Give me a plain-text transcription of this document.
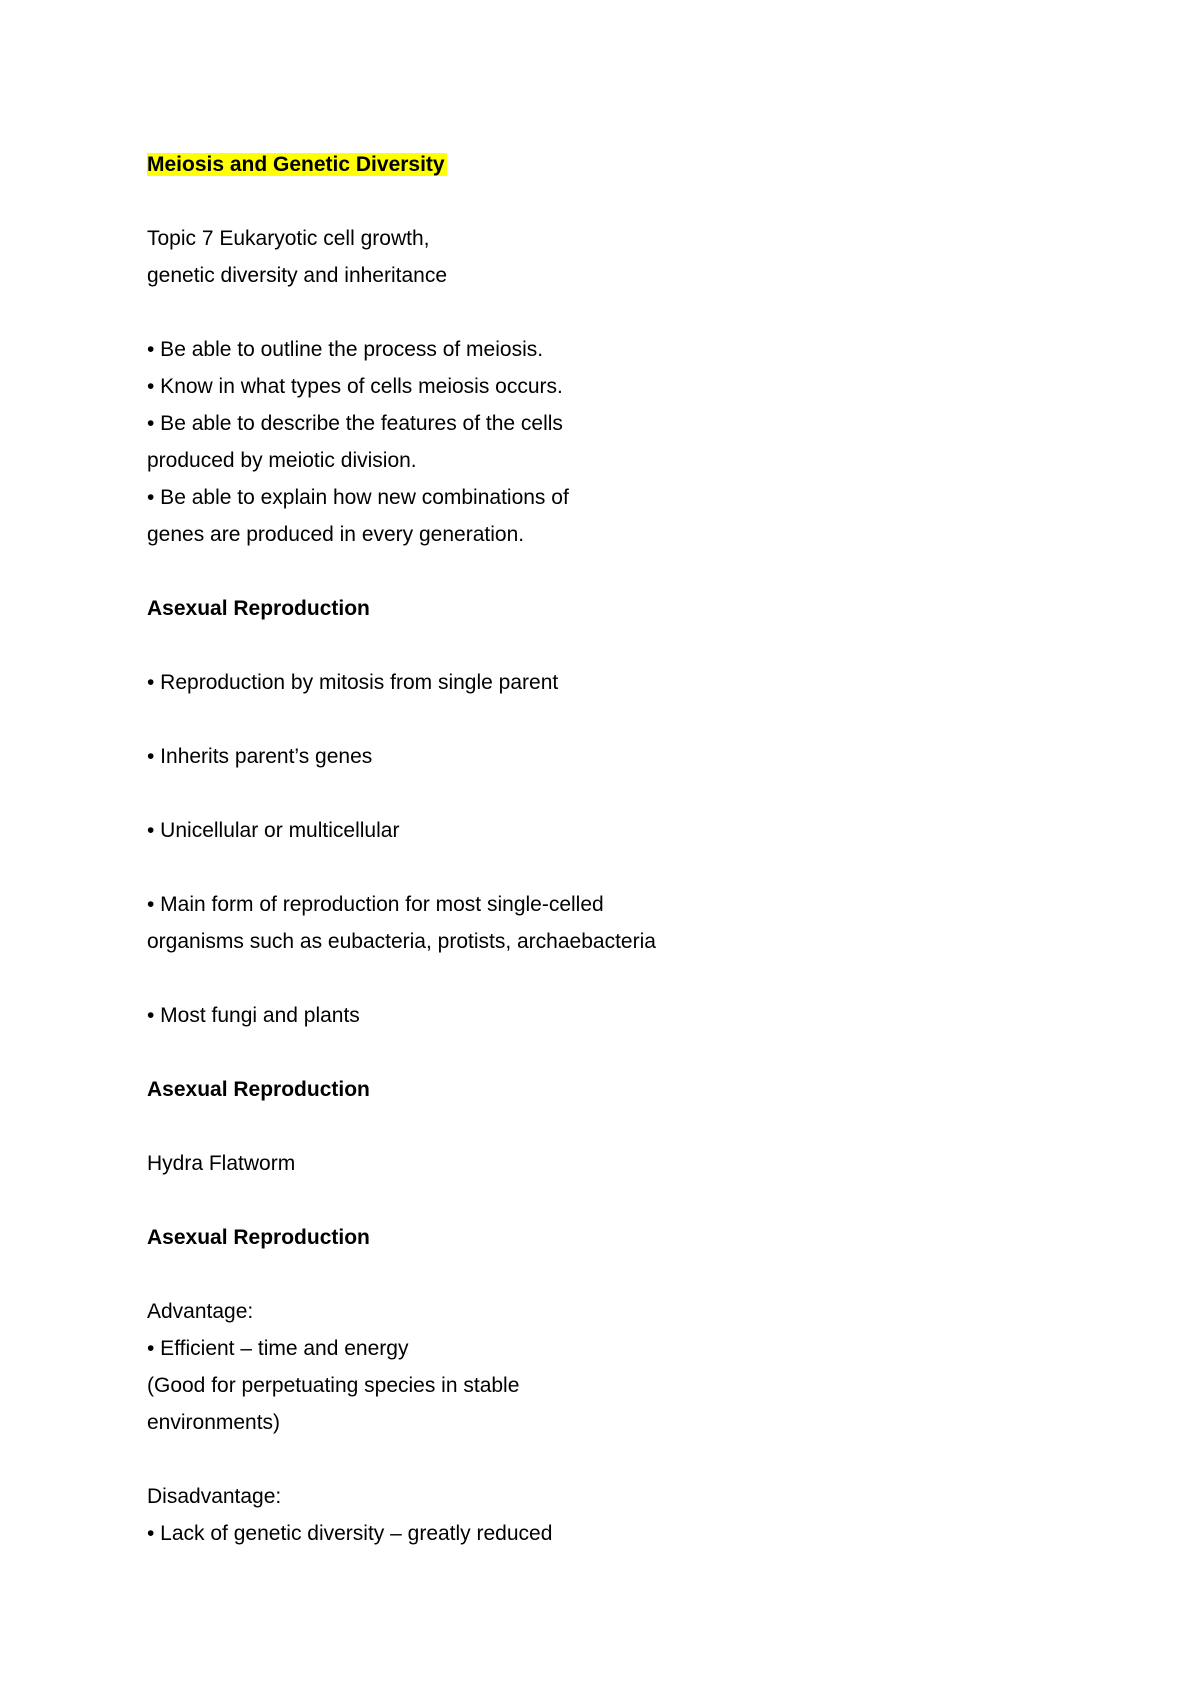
Meiosis and Genetic Diversity
Topic 7 Eukaryotic cell growth,
genetic diversity and inheritance
• Be able to outline the process of meiosis.
• Know in what types of cells meiosis occurs.
• Be able to describe the features of the cells
produced by meiotic division.
• Be able to explain how new combinations of
genes are produced in every generation.
Asexual Reproduction
• Reproduction by mitosis from single parent
• Inherits parent’s genes
• Unicellular or multicellular
• Main form of reproduction for most single-celled
organisms such as eubacteria, protists, archaebacteria
• Most fungi and plants
Asexual Reproduction
Hydra Flatworm
Asexual Reproduction
Advantage:
• Efficient – time and energy
(Good for perpetuating species in stable
environments)
Disadvantage:
• Lack of genetic diversity – greatly reduced
